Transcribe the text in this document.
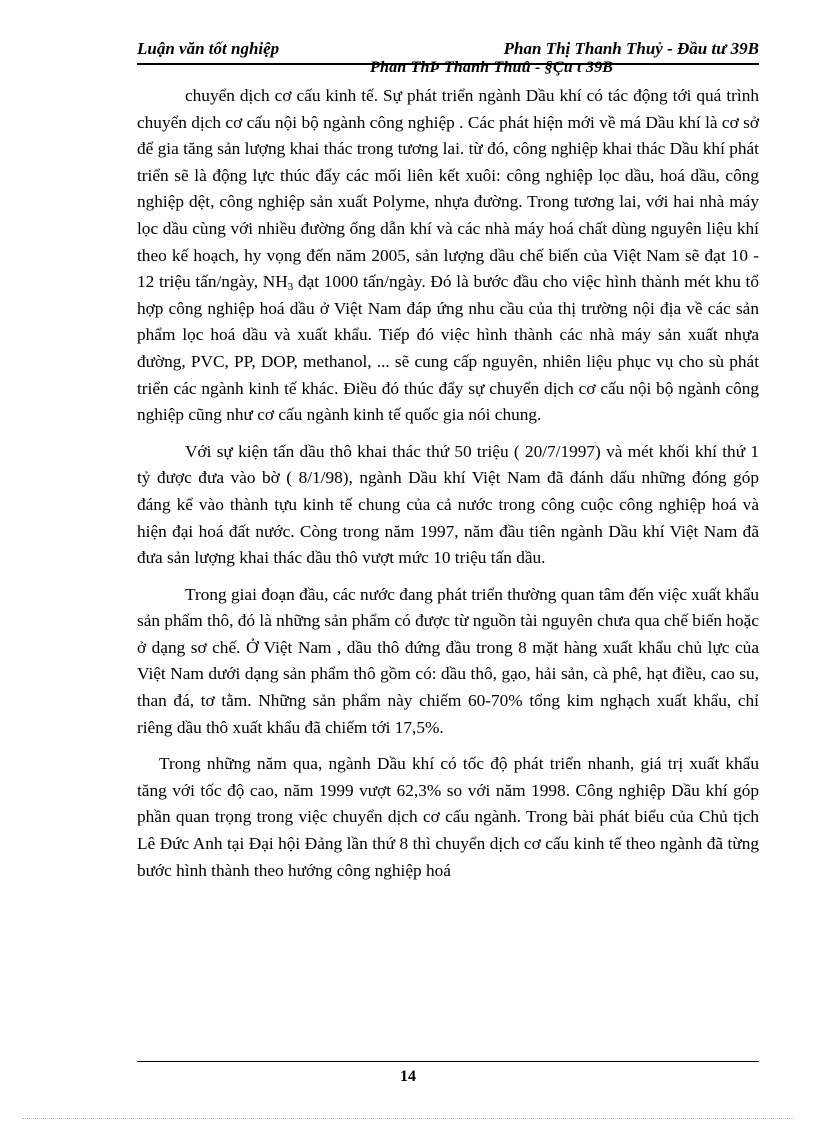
Luận văn tốt nghiệp	Phan Thị Thanh Thuỷ - Đầu tư 39B
Phan ThÞ Thanh Thuû - §Çu t 39B

chuyển dịch cơ cấu kinh tế. Sự phát triển ngành Dầu khí có tác động tới quá trình chuyển dịch cơ cấu nội bộ ngành công nghiệp . Các phát hiện mới về má Dầu khí là cơ sở để gia tăng sản lượng khai thác trong tương lai. từ đó, công nghiệp khai thác Dầu khí phát triển sẽ là động lực thúc đẩy các mối liên kết xuôi: công nghiệp lọc dầu, hoá dầu, công nghiệp dệt, công nghiệp sản xuất Polyme, nhựa đường. Trong tương lai, với hai nhà máy lọc dầu cùng với nhiều đường ống dẫn khí và các nhà máy hoá chất dùng nguyên liệu khí theo kế hoạch, hy vọng đến năm 2005, sản lượng dầu chế biến của Việt Nam sẽ đạt 10 - 12 triệu tấn/ngày, $NH_3$ đạt 1000 tấn/ngày. Đó là bước đầu cho việc hình thành mét khu tổ hợp công nghiệp hoá dầu ở Việt Nam đáp ứng nhu cầu của thị trường nội địa về các sản phẩm lọc hoá dầu và xuất khẩu. Tiếp đó việc hình thành các nhà máy sản xuất nhựa đường, PVC, PP, DOP, methanol, ... sẽ cung cấp nguyên, nhiên liệu phục vụ cho sù phát triển các ngành kinh tế khác. Điều đó thúc đẩy sự chuyển dịch cơ cấu nội bộ ngành công nghiệp cũng như cơ cấu ngành kinh tế quốc gia nói chung.

Với sự kiện tấn dầu thô khai thác thứ 50 triệu ( 20/7/1997) và mét khối khí thứ 1 tỷ được đưa vào bờ ( 8/1/98), ngành Dầu khí Việt Nam đã đánh dấu những đóng góp đáng kể vào thành tựu kinh tế chung của cả nước trong công cuộc công nghiệp hoá và hiện đại hoá đất nước. Còng trong năm 1997, năm đầu tiên ngành Dầu khí Việt Nam đã đưa sản lượng khai thác dầu thô vượt mức 10 triệu tấn dầu.

Trong giai đoạn đầu, các nước đang phát triển thường quan tâm đến việc xuất khẩu sản phẩm thô, đó là những sản phẩm có được từ nguồn tài nguyên chưa qua chế biến hoặc ở dạng sơ chế. Ở Việt Nam , dầu thô đứng đầu trong 8 mặt hàng xuất khẩu chủ lực của Việt Nam dưới dạng sản phẩm thô gồm có: dầu thô, gạo, hải sản, cà phê, hạt điều, cao su, than đá, tơ tằm. Những sản phẩm này chiếm 60-70% tổng kim nghạch xuất khẩu, chỉ riêng dầu thô xuất khẩu đã chiếm tới 17,5%.

Trong những năm qua, ngành Dầu khí có tốc độ phát triển nhanh, giá trị xuất khẩu tăng với tốc độ cao, năm 1999 vượt 62,3% so với năm 1998. Công nghiệp Dầu khí góp phần quan trọng trong việc chuyển dịch cơ cấu ngành. Trong bài phát biểu của Chủ tịch Lê Đức Anh tại Đại hội Đảng lần thứ 8 thì chuyển dịch cơ cấu kinh tế theo ngành đã từng bước hình thành theo hướng công nghiệp hoá

14
